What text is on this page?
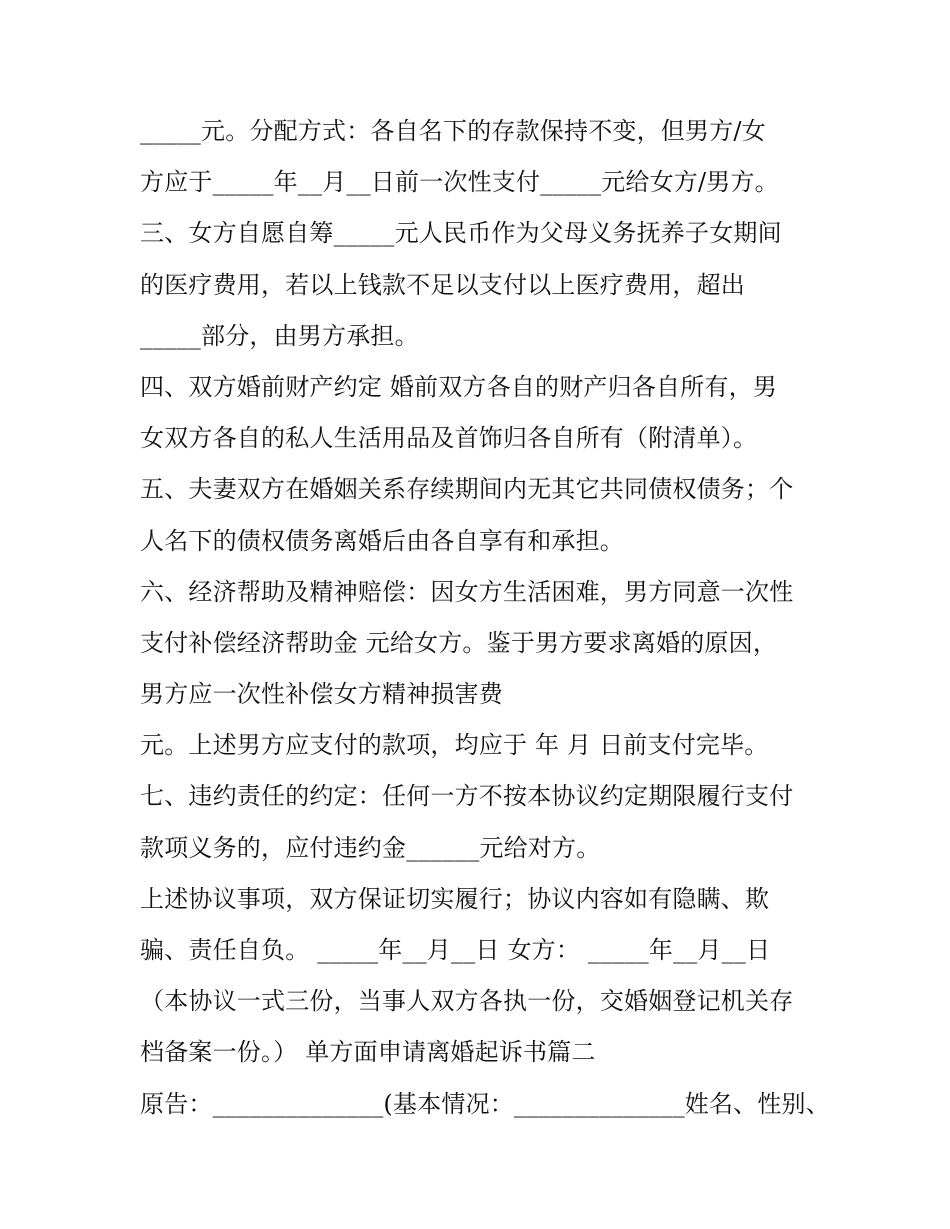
_____元。分配方式：各自名下的存款保持不变，但男方/女
方应于_____年__月__日前一次性支付_____元给女方/男方。
三、女方自愿自筹_____元人民币作为父母义务抚养子女期间
的医疗费用，若以上钱款不足以支付以上医疗费用，超出
_____部分，由男方承担。
四、双方婚前财产约定 婚前双方各自的财产归各自所有，男
女双方各自的私人生活用品及首饰归各自所有（附清单）。
五、夫妻双方在婚姻关系存续期间内无其它共同债权债务；个
人名下的债权债务离婚后由各自享有和承担。
六、经济帮助及精神赔偿：因女方生活困难，男方同意一次性
支付补偿经济帮助金 元给女方。鉴于男方要求离婚的原因，
男方应一次性补偿女方精神损害费
元。上述男方应支付的款项，均应于 年 月 日前支付完毕。
七、违约责任的约定：任何一方不按本协议约定期限履行支付
款项义务的，应付违约金______元给对方。
上述协议事项，双方保证切实履行；协议内容如有隐瞒、欺
骗、责任自负。 _____年__月__日 女方： _____年__月__日
（本协议一式三份，当事人双方各执一份，交婚姻登记机关存
档备案一份。） 单方面申请离婚起诉书篇二
原告：______________(基本情况：______________姓名、性别、
